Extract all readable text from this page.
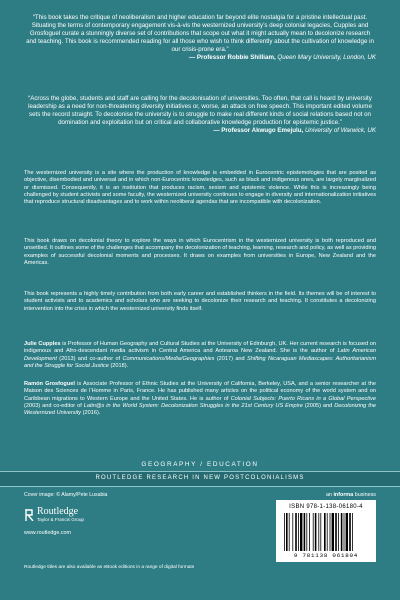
“This book takes the critique of neoliberalism and higher education far beyond elite nostalgia for a pristine intellectual past. Situating the terms of contemporary engagement vis-à-vis the westernized university’s deep colonial legacies, Cupples and Grosfoguel curate a stunningly diverse set of contributions that scope out what it might actually mean to decolonize research and teaching. This book is recommended reading for all those who wish to think differently about the cultivation of knowledge in our crisis-prone era.”
— Professor Robbie Shilliam, Queen Mary University, London, UK
“Across the globe, students and staff are calling for the decolonisation of universities. Too often, that call is heard by university leadership as a need for non-threatening diversity initiatives or, worse, an attack on free speech. This important edited volume sets the record straight. To decolonise the university is to struggle to make real different kinds of social relations based not on domination and exploitation but on critical and collaborative knowledge production for epistemic justice.”
— Professor Akwugo Emejulu, University of Warwick, UK
The westernized university is a site where the production of knowledge is embedded in Eurocentric epistemologies that are posited as objective, disembodied and universal and in which non-Eurocentric knowledges, such as black and indigenous ones, are largely marginalized or dismissed. Consequently, it is an institution that produces racism, sexism and epistemic violence. While this is increasingly being challenged by student activists and some faculty, the westernized university continues to engage in diversity and internationalization initiatives that reproduce structural disadvantages and to work within neoliberal agendas that are incompatible with decolonization.
This book draws on decolonial theory to explore the ways in which Eurocentrism in the westernized university is both reproduced and unsettled. It outlines some of the challenges that accompany the decolonization of teaching, learning, research and policy, as well as providing examples of successful decolonial moments and processes. It draws on examples from universities in Europe, New Zealand and the Americas.
This book represents a highly timely contribution from both early career and established thinkers in the field. Its themes will be of interest to student activists and to academics and scholars who are seeking to decolonize their research and teaching. It constitutes a decolonizing intervention into the crisis in which the westernized university finds itself.
Julie Cupples is Professor of Human Geography and Cultural Studies at the University of Edinburgh, UK. Her current research is focused on indigenous and Afro-descendant media activism in Central America and Aotearoa New Zealand. She is the author of Latin American Development (2013) and co-author of Communications/Media/Geographies (2017) and Shifting Nicaraguan Mediascapes: Authoritarianism and the Struggle for Social Justice (2018).
Ramón Grosfoguel is Associate Professor of Ethnic Studies at the University of California, Berkeley, USA, and a senior researcher at the Maison des Sciences de l’Homme in Paris, France. He has published many articles on the political economy of the world system and on Caribbean migrations to Western Europe and the United States. He is author of Colonial Subjects: Puerto Ricans in a Global Perspective (2003) and co-editor of Latin@s in the World System: Decolonization Struggles in the 21st Century US Empire (2005) and Decolonizing the Westernized University (2016).
GEOGRAPHY / EDUCATION
ROUTLEDGE RESEARCH IN NEW POSTCOLONIALISMS
Cover image: © Alamy/Pete Lusabia
Routledge
Taylor & Francis Group
www.routledge.com
Routledge titles are also available as eBook editions in a range of digital formats
an informa business
ISBN 978-1-138-06180-4
9 781138 061804
